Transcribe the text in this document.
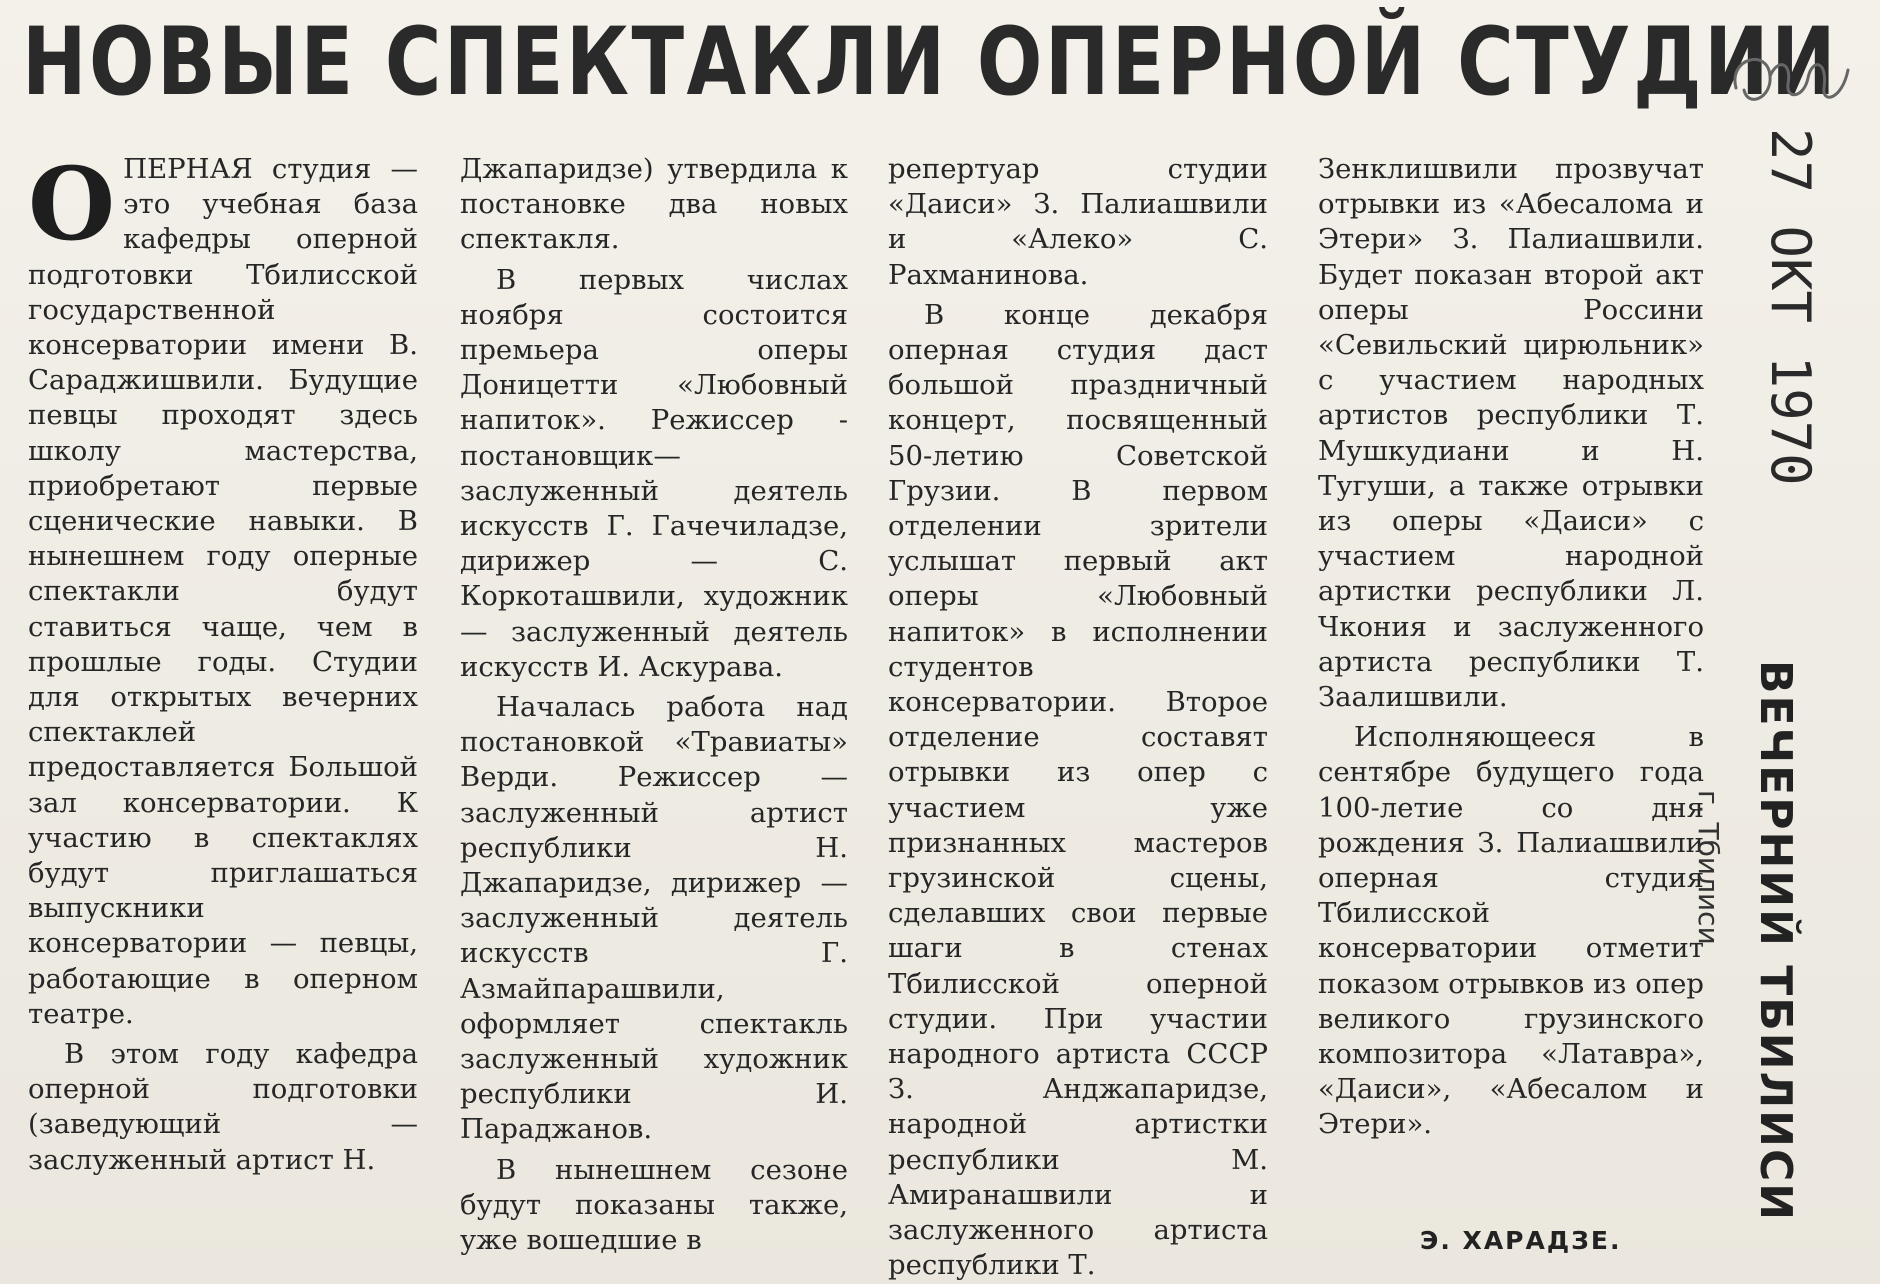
НОВЫЕ СПЕКТАКЛИ ОПЕРНОЙ СТУДИИ
О ПЕРНАЯ студия — это учебная база кафедры оперной подготовки Тбилисской государственной консерватории имени В. Сараджишвили. Будущие певцы проходят здесь школу мастерства, приобретают первые сценические навыки. В нынешнем году оперные спектакли будут ставиться чаще, чем в прошлые годы. Студии для открытых вечерних спектаклей предоставляется Большой зал консерватории. К участию в спектаклях будут приглашаться выпускники консерватории — певцы, работающие в оперном театре.

В этом году кафедра оперной подготовки (заведующий — заслуженный артист Н.

Джапаридзе) утвердила к постановке два новых спектакля.

В первых числах ноября состоится премьера оперы Доницетти «Любовный напиток». Режиссер - постановщик—заслуженный деятель искусств Г. Гачечиладзе, дирижер — С. Коркоташвили, художник — заслуженный деятель искусств И. Аскурава.

Началась работа над постановкой «Травиаты» Верди. Режиссер — заслуженный артист республики Н. Джапаридзе, дирижер — заслуженный деятель искусств Г. Азмайпарашвили, оформляет спектакль заслуженный художник республики И. Параджанов.

В нынешнем сезоне будут показаны также, уже вошедшие в

репертуар студии «Даиси» З. Палиашвили и «Алеко» С. Рахманинова.

В конце декабря оперная студия даст большой праздничный концерт, посвященный 50-летию Советской Грузии. В первом отделении зрители услышат первый акт оперы «Любовный напиток» в исполнении студентов консерватории. Второе отделение составят отрывки из опер с участием уже признанных мастеров грузинской сцены, сделавших свои первые шаги в стенах Тбилисской оперной студии. При участии народного артиста СССР З. Анджапаридзе, народной артистки республики М. Амиранашвили и заслуженного артиста республики Т.

Зенклишвили прозвучат отрывки из «Абесалома и Этери» З. Палиашвили. Будет показан второй акт оперы Россини «Севильский цирюльник» с участием народных артистов республики Т. Мушкудиани и Н. Тугуши, а также отрывки из оперы «Даиси» с участием народной артистки республики Л. Чкония и заслуженного артиста республики Т. Заалишвили.

Исполняющееся в сентябре будущего года 100-летие со дня рождения З. Палиашвили оперная студия Тбилисской консерватории отметит показом отрывков из опер великого грузинского композитора «Латавра», «Даиси», «Абесалом и Этери».

Э. ХАРАДЗЕ.
27 ОКТ 1970
ВЕЧЕРНИЙ ТБИЛИСИ
г. Тбилиси
